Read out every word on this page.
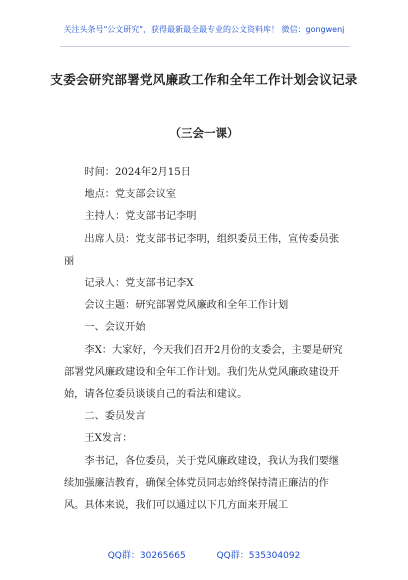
关注头条号"公文研究"，获得最新最全最专业的公文资料库！ 微信：gongwenj
支委会研究部署党风廉政工作和全年工作计划会议记录
（三会一课）

时间：2024年2月15日

地点：党支部会议室

主持人：党支部书记李明

出席人员：党支部书记李明，组织委员王伟，宣传委员张丽

记录人：党支部书记李X

会议主题：研究部署党风廉政和全年工作计划

一、会议开始

李X：大家好，今天我们召开2月份的支委会，主要是研究部署党风廉政建设和全年工作计划。我们先从党风廉政建设开始，请各位委员谈谈自己的看法和建议。

二、委员发言

王X发言：

李书记，各位委员，关于党风廉政建设，我认为我们要继续加强廉洁教育，确保全体党员同志始终保持清正廉洁的作风。具体来说，我们可以通过以下几方面来开展工

QQ群：30265665	QQ群：535304092
